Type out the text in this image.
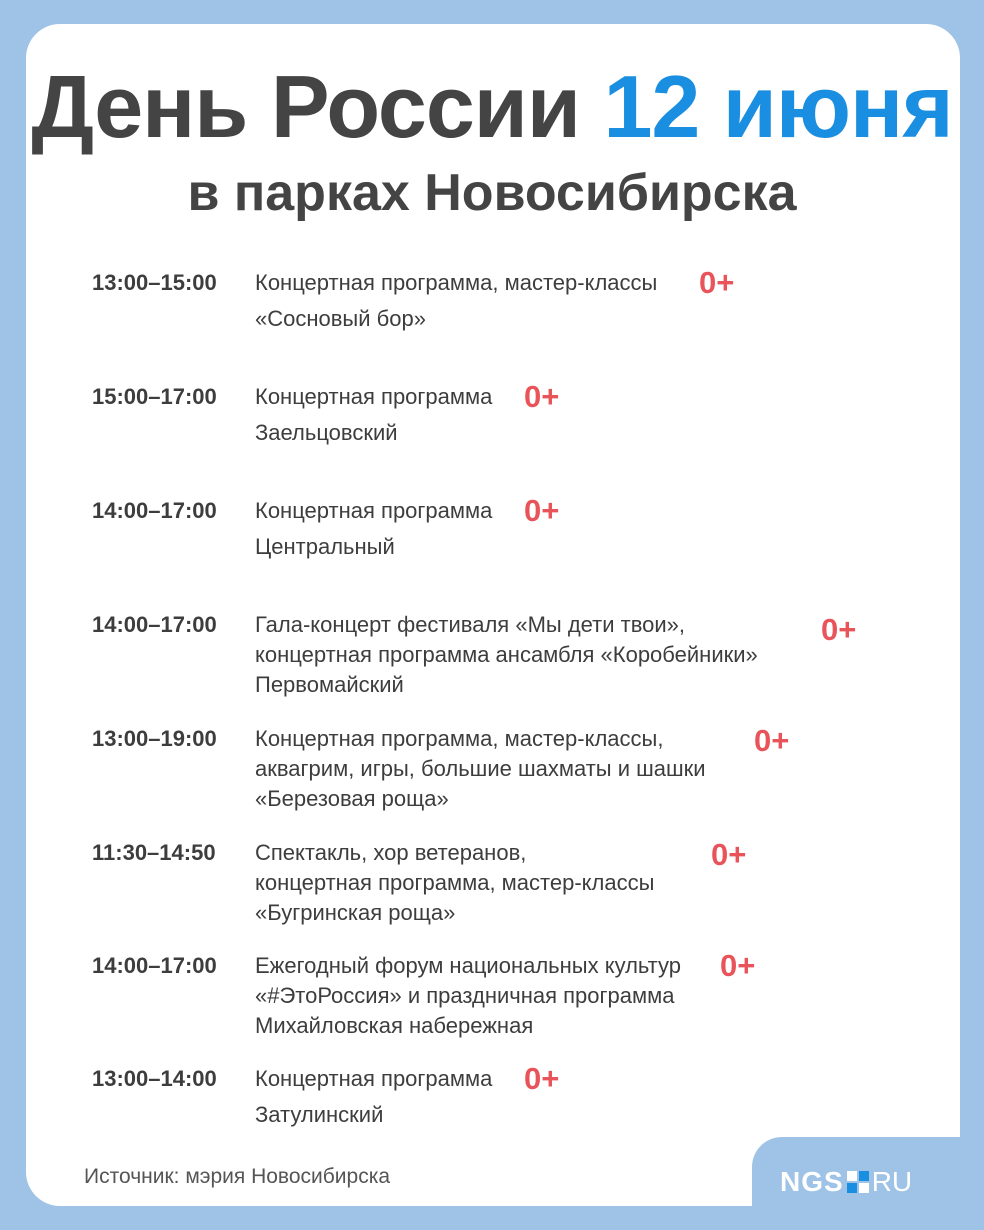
День России 12 июня
в парках Новосибирска
13:00–15:00 Концертная программа, мастер-классы
«Сосновый бор»
0+
15:00–17:00 Концертная программа
Заельцовский
0+
14:00–17:00 Концертная программа
Центральный
0+
14:00–17:00 Гала-концерт фестиваля «Мы дети твои»,
концертная программа ансамбля «Коробейники»
Первомайский
0+
13:00–19:00 Концертная программа, мастер-классы,
аквагрим, игры, большие шахматы и шашки
«Березовая роща»
0+
11:30–14:50 Спектакль, хор ветеранов,
концертная программа, мастер-классы
«Бугринская роща»
0+
14:00–17:00 Ежегодный форум национальных культур
«#ЭтоРоссия» и праздничная программа
Михайловская набережная
0+
13:00–14:00 Концертная программа
Затулинский
0+
Источник: мэрия Новосибирска	NGS RU
